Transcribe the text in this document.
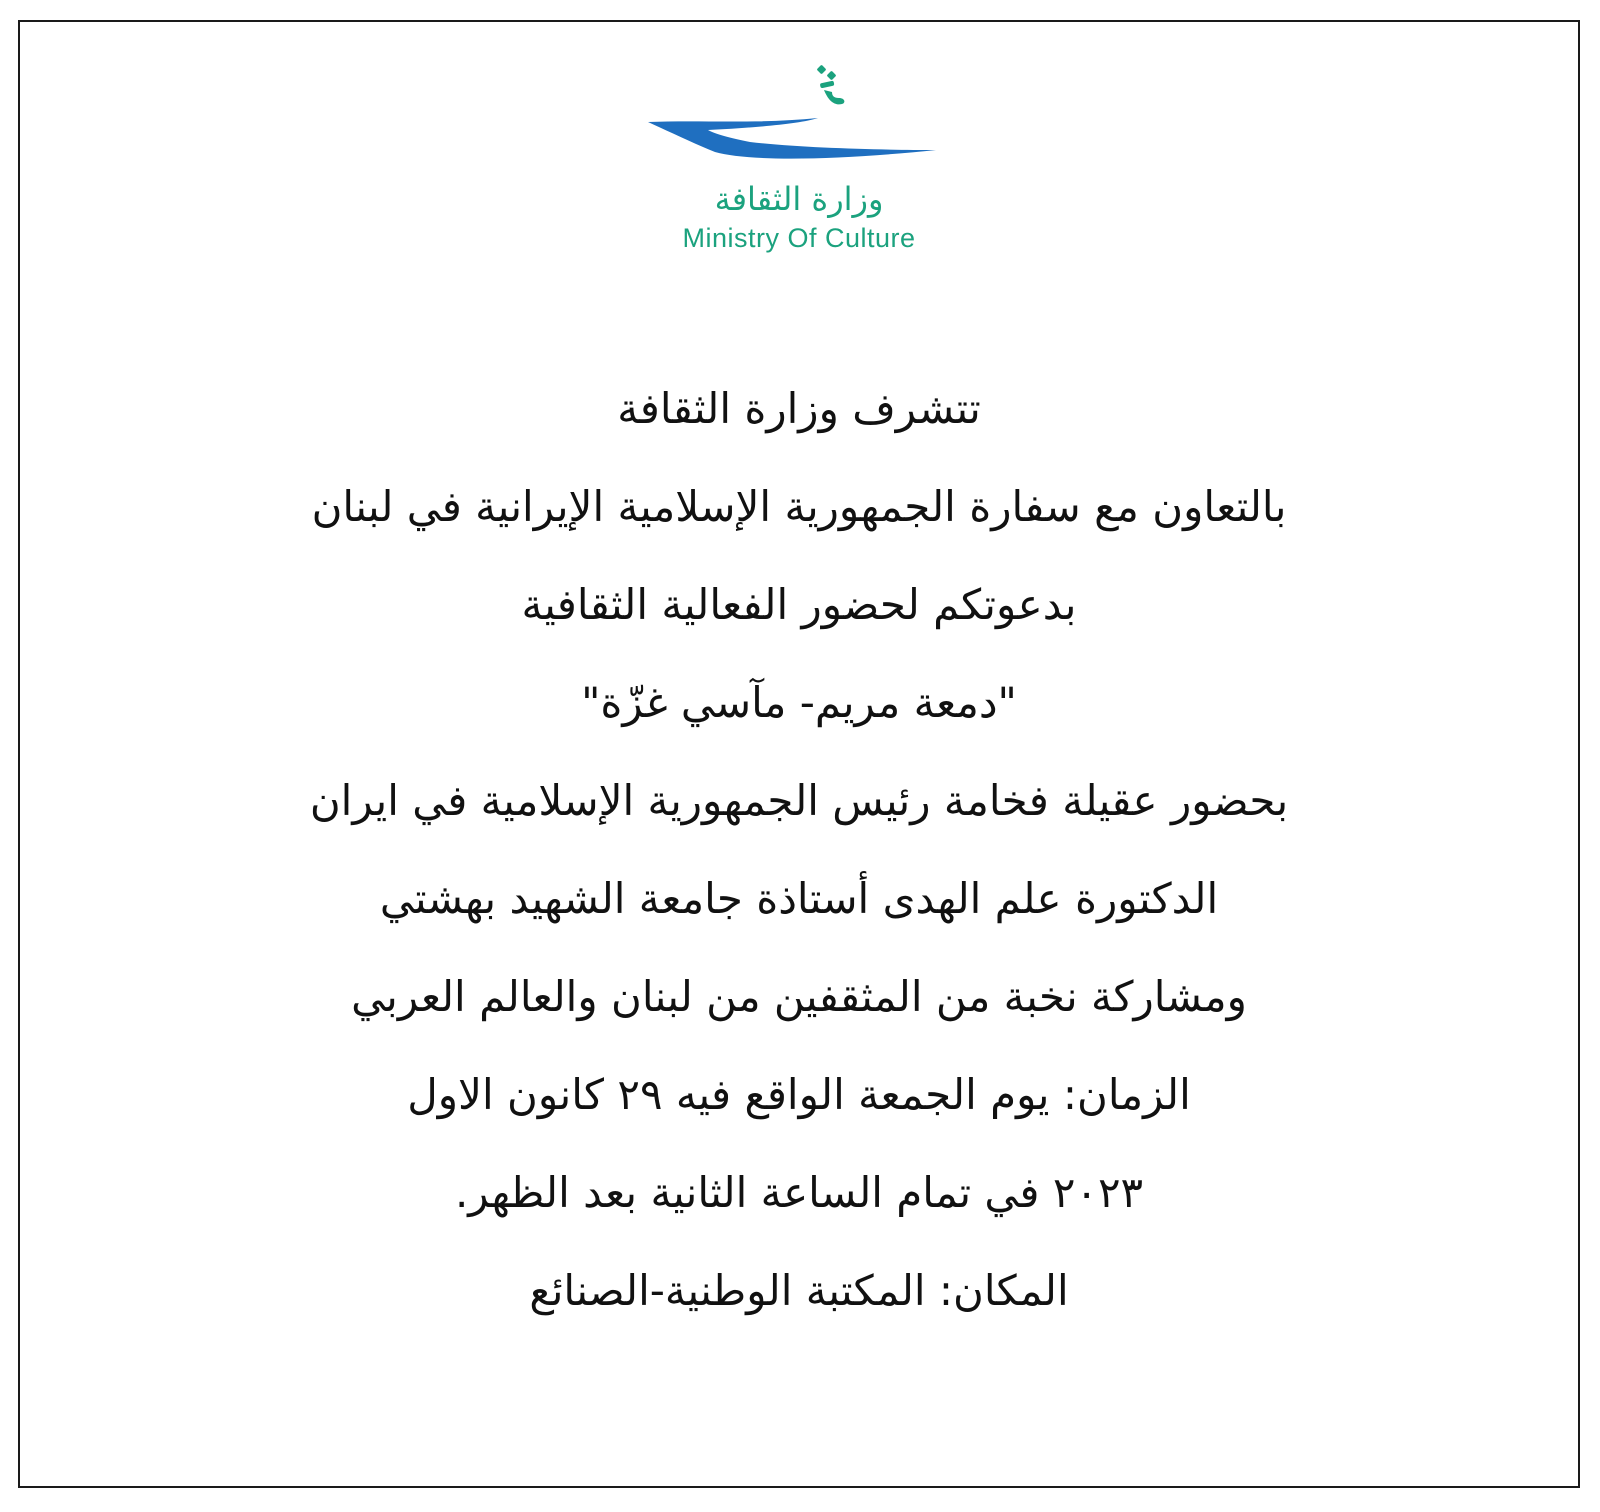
وزارة الثقافة
Ministry Of Culture
تتشرف وزارة الثقافة
بالتعاون مع سفارة الجمهورية الإسلامية الإيرانية في لبنان
بدعوتكم لحضور الفعالية الثقافية
"دمعة مريم- مآسي غزّة"
بحضور عقيلة فخامة رئيس الجمهورية الإسلامية في ايران
الدكتورة علم الهدى أستاذة جامعة الشهيد بهشتي
ومشاركة نخبة من المثقفين من لبنان والعالم العربي
الزمان: يوم الجمعة الواقع فيه ٢٩ كانون الاول
٢٠٢٣ في تمام الساعة الثانية بعد الظهر.
المكان: المكتبة الوطنية-الصنائع
